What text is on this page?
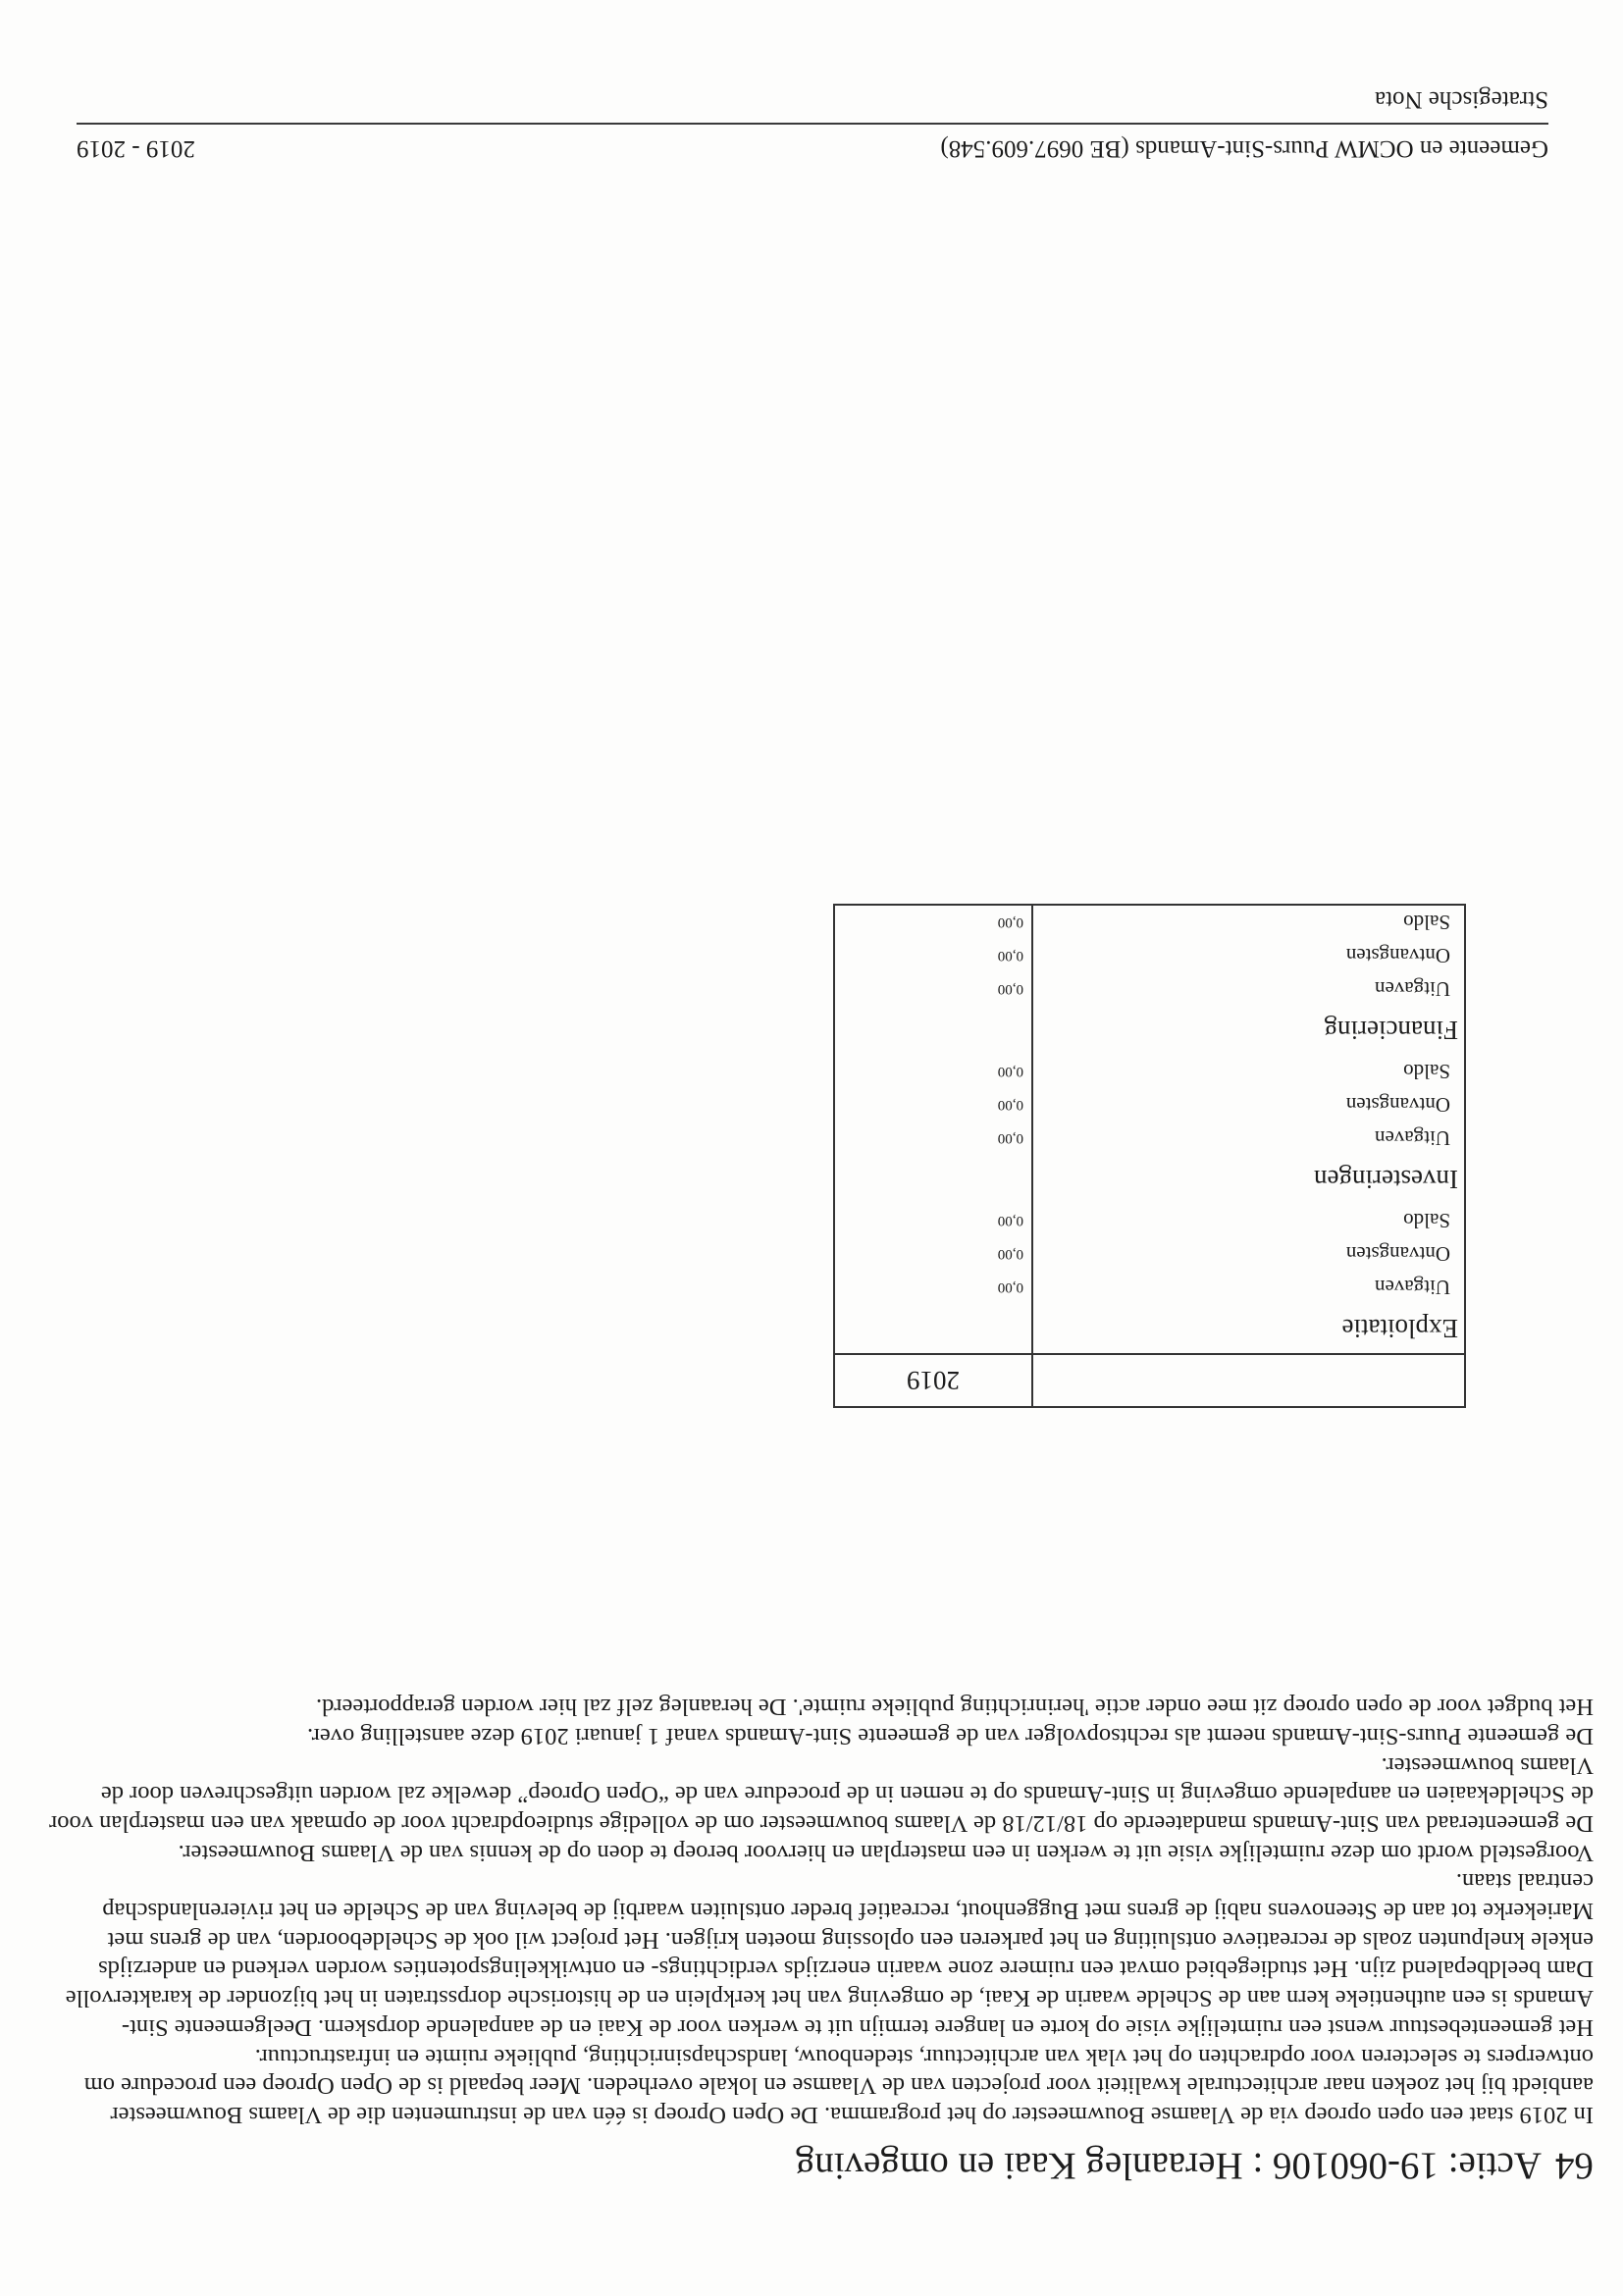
Gemeente en OCMW Puurs-Sint-Amands (BE 0697.609.548)
2019 - 2019
Strategische Nota
64Actie: 19-060106 : Heraanleg Kaai en omgeving

In 2019 staat een open oproep via de Vlaamse Bouwmeester op het programma. De Open Oproep is één van de instrumenten die de Vlaams Bouwmeester aanbiedt bij het zoeken naar architecturale kwaliteit voor projecten van de Vlaamse en lokale overheden. Meer bepaald is de Open Oproep een procedure om ontwerpers te selecteren voor opdrachten op het vlak van architectuur, stedenbouw, landschapsinrichting, publieke ruimte en infrastructuur.

Het gemeentebestuur wenst een ruimtelijke visie op korte en langere termijn uit te werken voor de Kaai en de aanpalende dorpskern. Deelgemeente Sint-Amands is een authentieke kern aan de Schelde waarin de Kaai, de omgeving van het kerkplein en de historische dorpsstraten in het bijzonder de karaktervolle Dam beeldbepalend zijn. Het studiegebied omvat een ruimere zone waarin enerzijds verdichtings- en ontwikkelingspotenties worden verkend en anderzijds enkele knelpunten zoals de recreatieve ontsluiting en het parkeren een oplossing moeten krijgen. Het project wil ook de Scheldeboorden, van de grens met Mariekerke tot aan de Steenovens nabij de grens met Buggenhout, recreatief breder ontsluiten waarbij de beleving van de Schelde en het rivierenlandschap centraal staan.

Voorgesteld wordt om deze ruimtelijke visie uit te werken in een masterplan en hiervoor beroep te doen op de kennis van de Vlaams Bouwmeester.

De gemeenteraad van Sint-Amands mandateerde op 18/12/18 de Vlaams bouwmeester om de volledige studieopdracht voor de opmaak van een masterplan voor de Scheldekaaien en aanpalende omgeving in Sint-Amands op te nemen in de procedure van de “Open Oproep” dewelke zal worden uitgeschreven door de Vlaams bouwmeester.

De gemeente Puurs-Sint-Amands neemt als rechtsopvolger van de gemeente Sint-Amands vanaf 1 januari 2019 deze aanstelling over.

Het budget voor de open oproep zit mee onder actie 'herinrichting publieke ruimte'. De heraanleg zelf zal hier worden gerapporteerd.

	2019
Exploitatie	
Uitgaven	0,00
Ontvangsten	0,00
Saldo	0,00
Investeringen	
Uitgaven	0,00
Ontvangsten	0,00
Saldo	0,00
Financiering	
Uitgaven	0,00
Ontvangsten	0,00
Saldo	0,00
